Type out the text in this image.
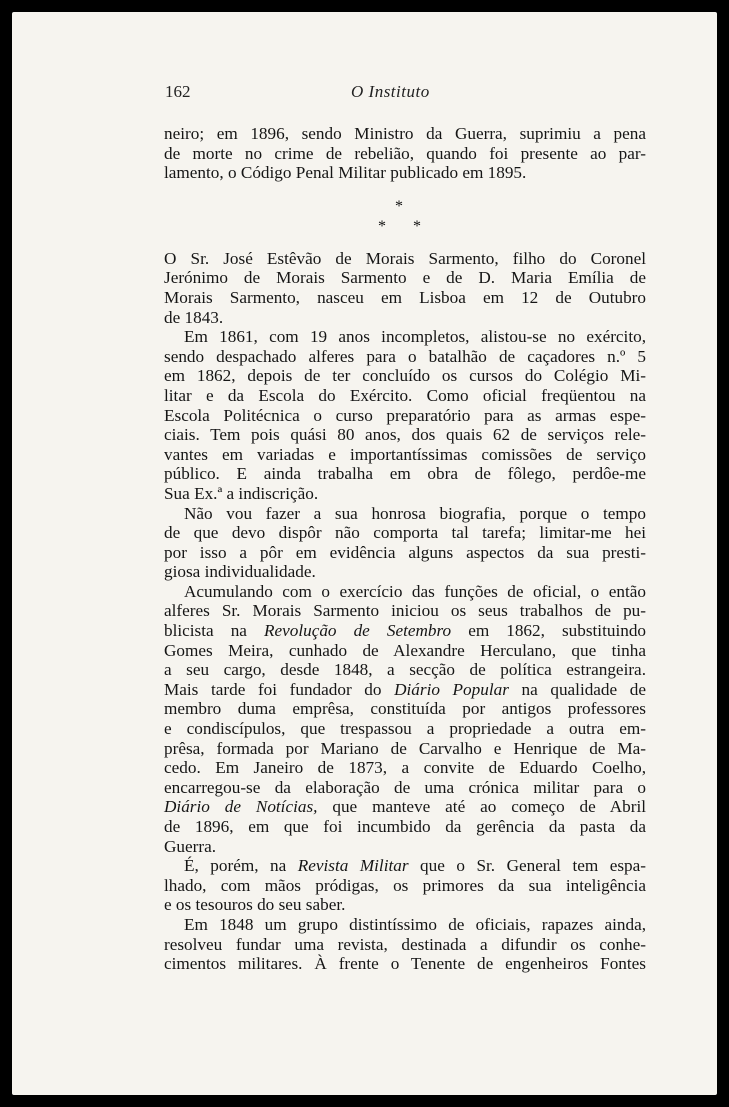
162	O Instituto
neiro; em 1896, sendo Ministro da Guerra, suprimiu a pena
de morte no crime de rebelião, quando foi presente ao par-
lamento, o Código Penal Militar publicado em 1895.
*
* *
O Sr. José Estêvão de Morais Sarmento, filho do Coronel
Jerónimo de Morais Sarmento e de D. Maria Emília de
Morais Sarmento, nasceu em Lisboa em 12 de Outubro
de 1843.
Em 1861, com 19 anos incompletos, alistou-se no exército,
sendo despachado alferes para o batalhão de caçadores n.º 5
em 1862, depois de ter concluído os cursos do Colégio Mi-
litar e da Escola do Exército. Como oficial freqüentou na
Escola Politécnica o curso preparatório para as armas espe-
ciais. Tem pois quási 80 anos, dos quais 62 de serviços rele-
vantes em variadas e importantíssimas comissões de serviço
público. E ainda trabalha em obra de fôlego, perdôe-me
Sua Ex.ª a indiscrição.
Não vou fazer a sua honrosa biografia, porque o tempo
de que devo dispôr não comporta tal tarefa; limitar-me hei
por isso a pôr em evidência alguns aspectos da sua presti-
giosa individualidade.
Acumulando com o exercício das funções de oficial, o então
alferes Sr. Morais Sarmento iniciou os seus trabalhos de pu-
blicista na Revolução de Setembro em 1862, substituindo
Gomes Meira, cunhado de Alexandre Herculano, que tinha
a seu cargo, desde 1848, a secção de política estrangeira.
Mais tarde foi fundador do Diário Popular na qualidade de
membro duma emprêsa, constituída por antigos professores
e condiscípulos, que trespassou a propriedade a outra em-
prêsa, formada por Mariano de Carvalho e Henrique de Ma-
cedo. Em Janeiro de 1873, a convite de Eduardo Coelho,
encarregou-se da elaboração de uma crónica militar para o
Diário de Notícias, que manteve até ao começo de Abril
de 1896, em que foi incumbido da gerência da pasta da
Guerra.
É, porém, na Revista Militar que o Sr. General tem espa-
lhado, com mãos pródigas, os primores da sua inteligência
e os tesouros do seu saber.
Em 1848 um grupo distintíssimo de oficiais, rapazes ainda,
resolveu fundar uma revista, destinada a difundir os conhe-
cimentos militares. À frente o Tenente de engenheiros Fontes
